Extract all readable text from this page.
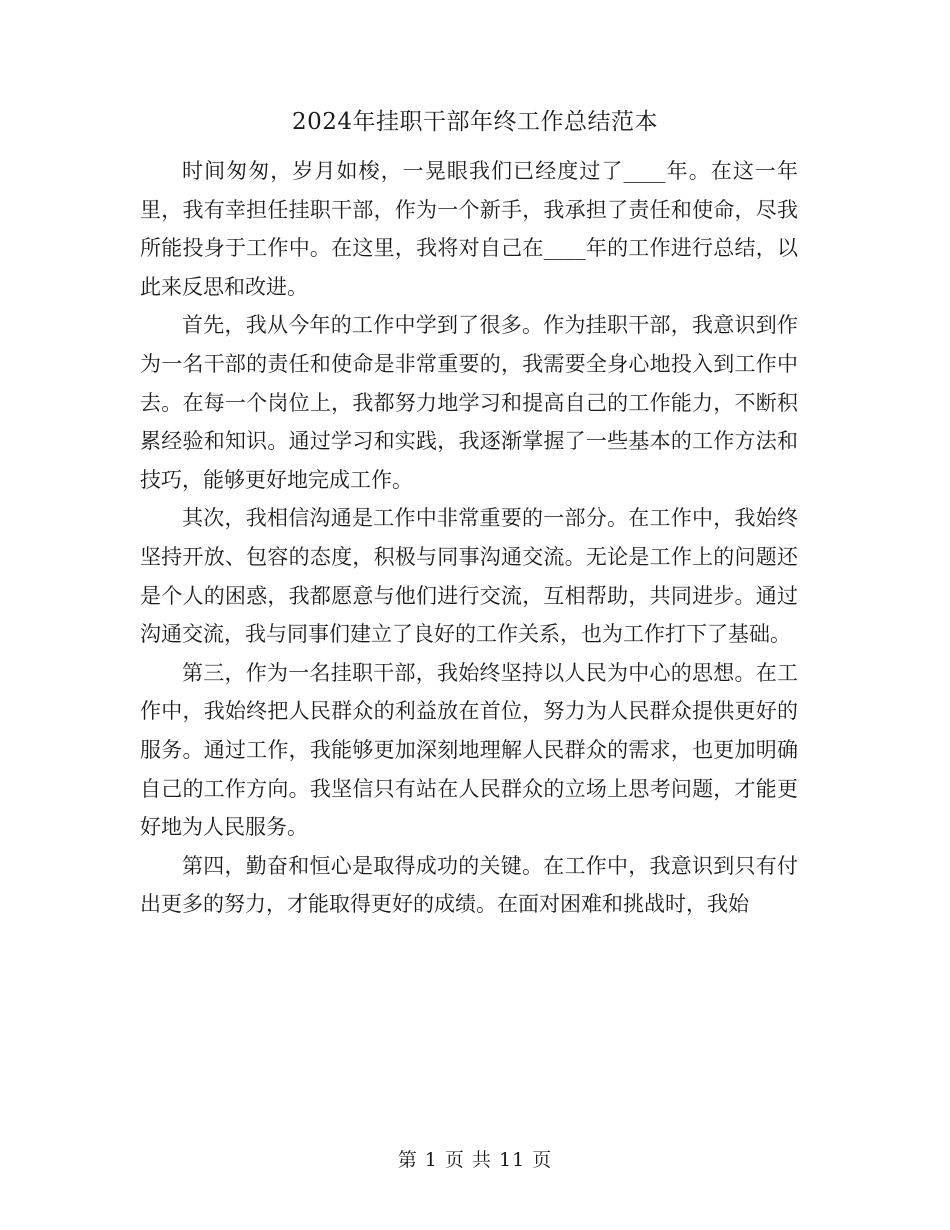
2024年挂职干部年终工作总结范本

时间匆匆，岁月如梭，一晃眼我们已经度过了____年。在这一年里，我有幸担任挂职干部，作为一个新手，我承担了责任和使命，尽我所能投身于工作中。在这里，我将对自己在____年的工作进行总结，以此来反思和改进。

首先，我从今年的工作中学到了很多。作为挂职干部，我意识到作为一名干部的责任和使命是非常重要的，我需要全身心地投入到工作中去。在每一个岗位上，我都努力地学习和提高自己的工作能力，不断积累经验和知识。通过学习和实践，我逐渐掌握了一些基本的工作方法和技巧，能够更好地完成工作。

其次，我相信沟通是工作中非常重要的一部分。在工作中，我始终坚持开放、包容的态度，积极与同事沟通交流。无论是工作上的问题还是个人的困惑，我都愿意与他们进行交流，互相帮助，共同进步。通过沟通交流，我与同事们建立了良好的工作关系，也为工作打下了基础。

第三，作为一名挂职干部，我始终坚持以人民为中心的思想。在工作中，我始终把人民群众的利益放在首位，努力为人民群众提供更好的服务。通过工作，我能够更加深刻地理解人民群众的需求，也更加明确自己的工作方向。我坚信只有站在人民群众的立场上思考问题，才能更好地为人民服务。

第四，勤奋和恒心是取得成功的关键。在工作中，我意识到只有付出更多的努力，才能取得更好的成绩。在面对困难和挑战时，我始

第 1 页 共 11 页
